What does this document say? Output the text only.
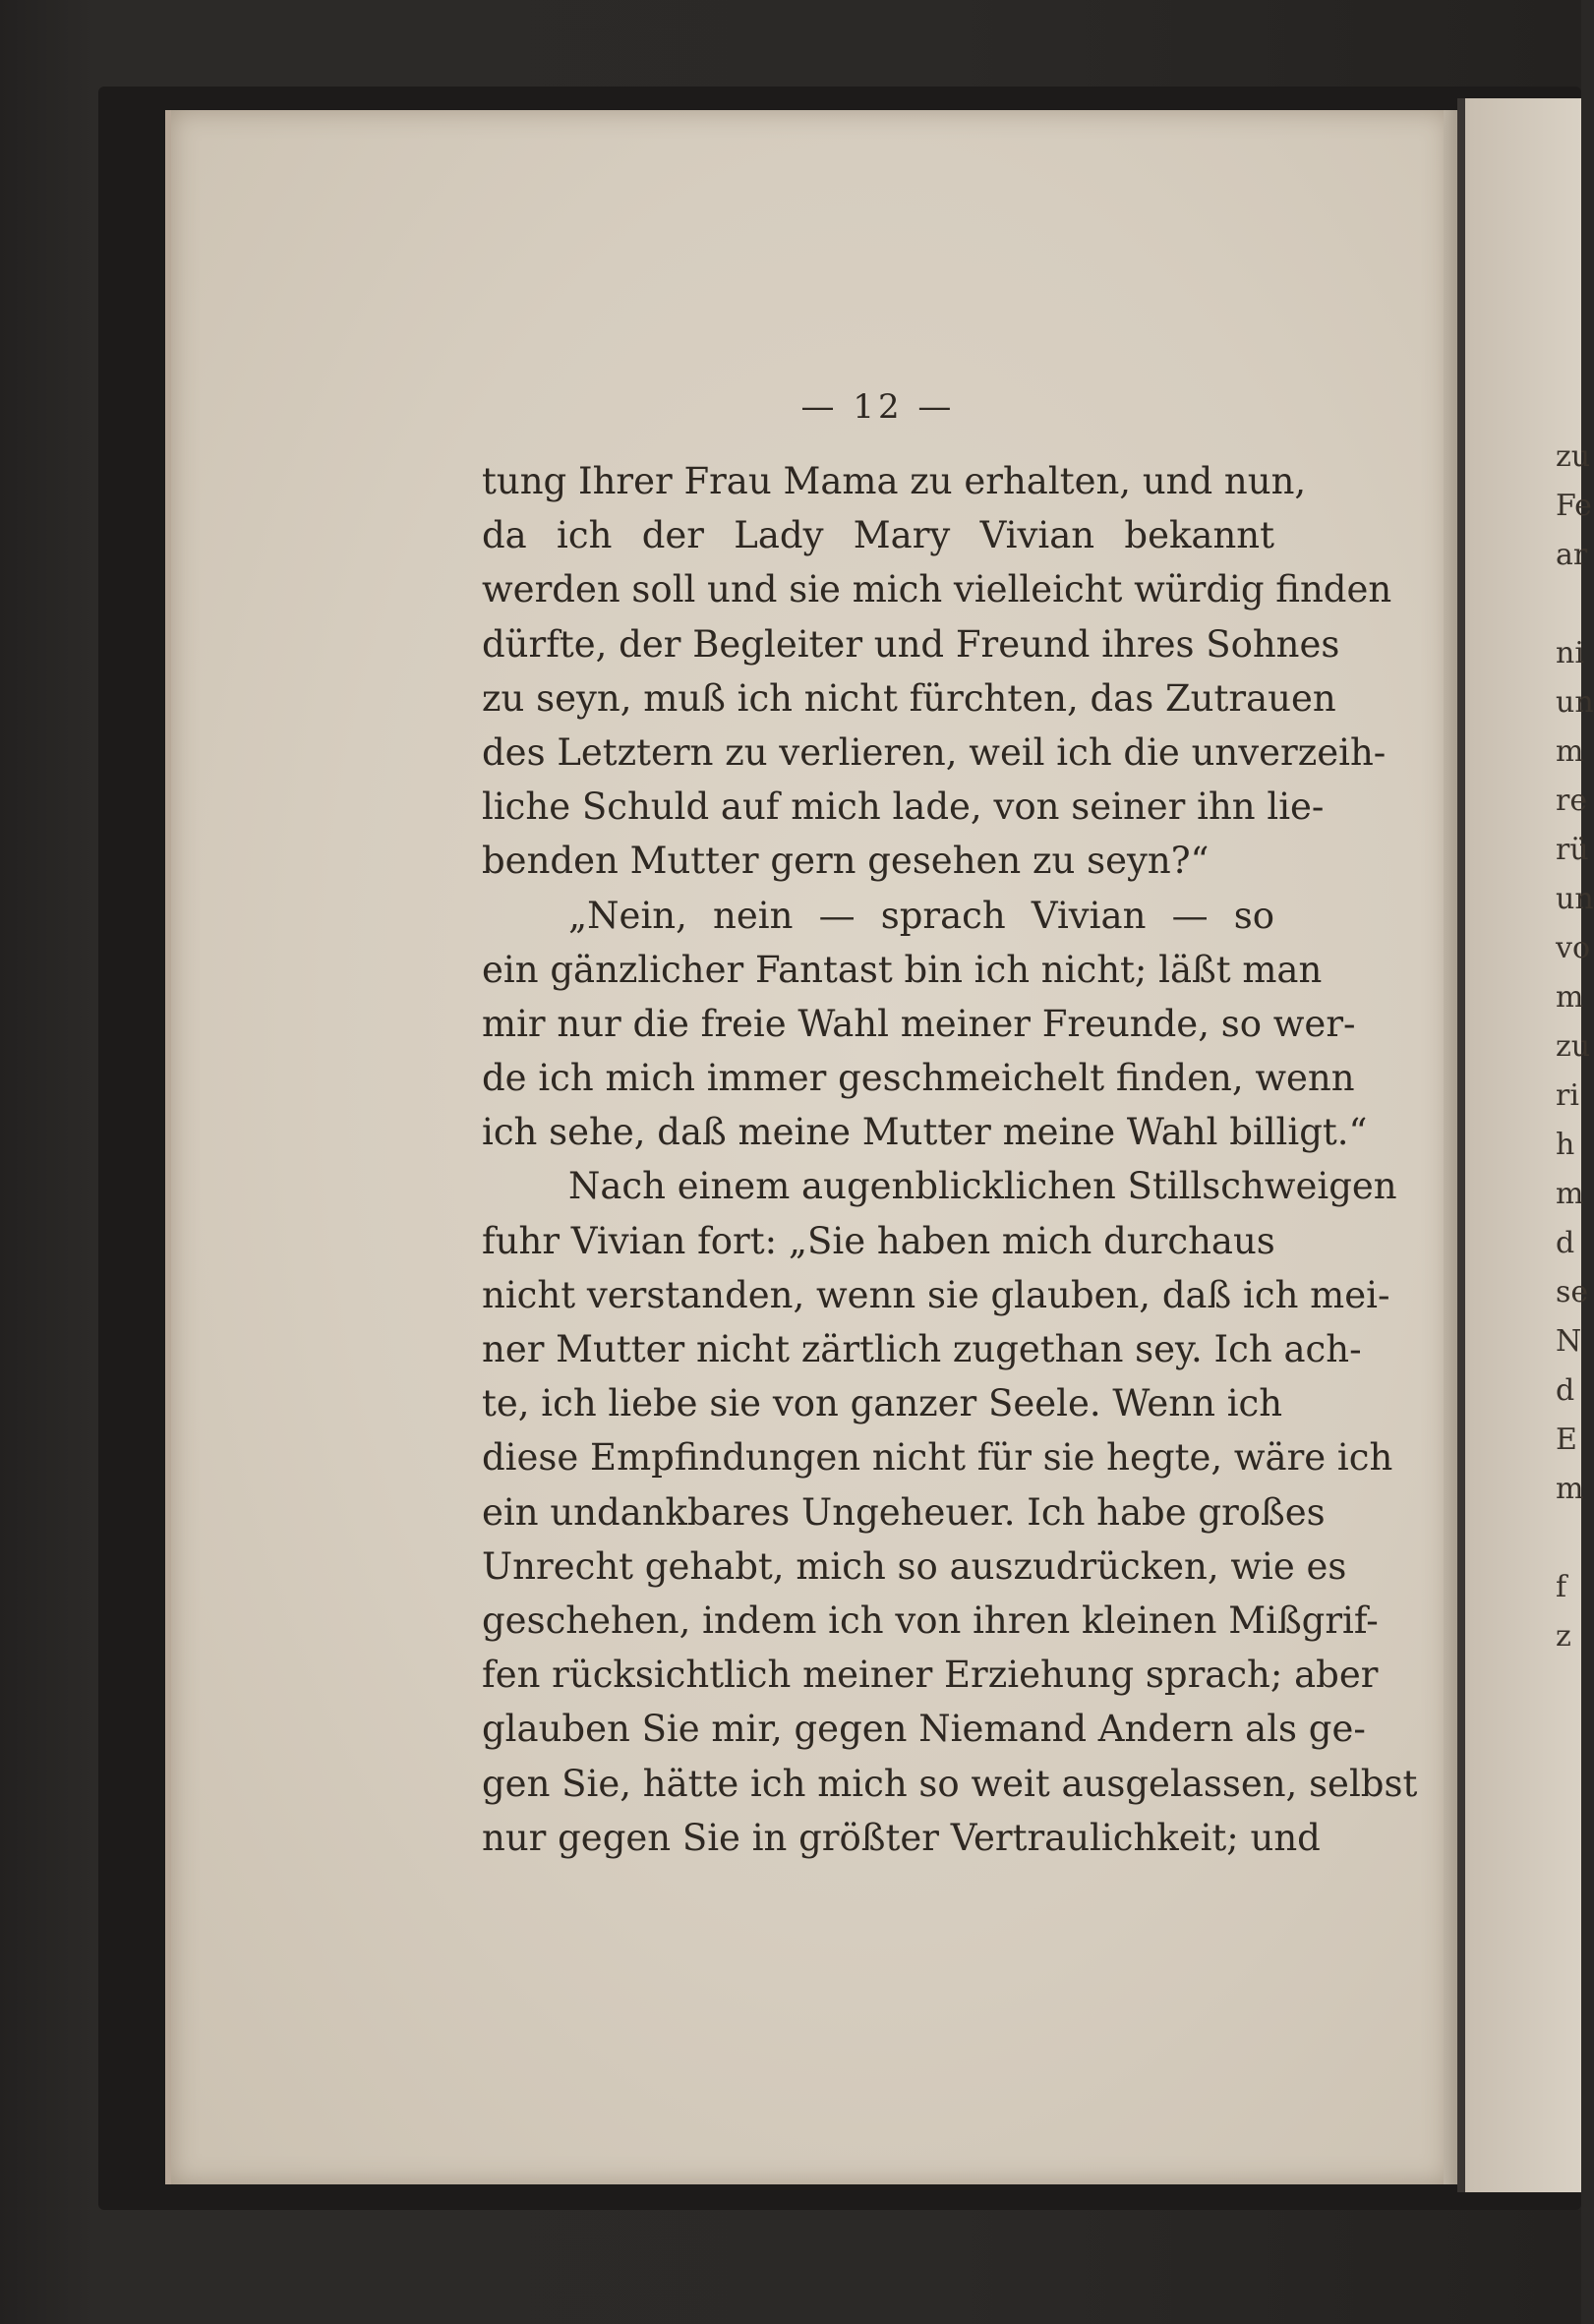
zu
Fe
ar
ni
un
m
re
rü
un
vo
m
zu
ri
h
m
d
se
N
d
E
m
f
z
— 12 —
tung Ihrer Frau Mama zu erhalten, und nun,
da ich der Lady Mary Vivian bekannt
werden soll und sie mich vielleicht würdig finden
dürfte, der Begleiter und Freund ihres Sohnes
zu seyn, muß ich nicht fürchten, das Zutrauen
des Letztern zu verlieren, weil ich die unverzeih-
liche Schuld auf mich lade, von seiner ihn lie-
benden Mutter gern gesehen zu seyn?“
„Nein, nein — sprach Vivian — so
ein gänzlicher Fantast bin ich nicht; läßt man
mir nur die freie Wahl meiner Freunde, so wer-
de ich mich immer geschmeichelt finden, wenn
ich sehe, daß meine Mutter meine Wahl billigt.“
Nach einem augenblicklichen Stillschweigen
fuhr Vivian fort: „Sie haben mich durchaus
nicht verstanden, wenn sie glauben, daß ich mei-
ner Mutter nicht zärtlich zugethan sey. Ich ach-
te, ich liebe sie von ganzer Seele. Wenn ich
diese Empfindungen nicht für sie hegte, wäre ich
ein undankbares Ungeheuer. Ich habe großes
Unrecht gehabt, mich so auszudrücken, wie es
geschehen, indem ich von ihren kleinen Mißgrif-
fen rücksichtlich meiner Erziehung sprach; aber
glauben Sie mir, gegen Niemand Andern als ge-
gen Sie, hätte ich mich so weit ausgelassen, selbst
nur gegen Sie in größter Vertraulichkeit; und
